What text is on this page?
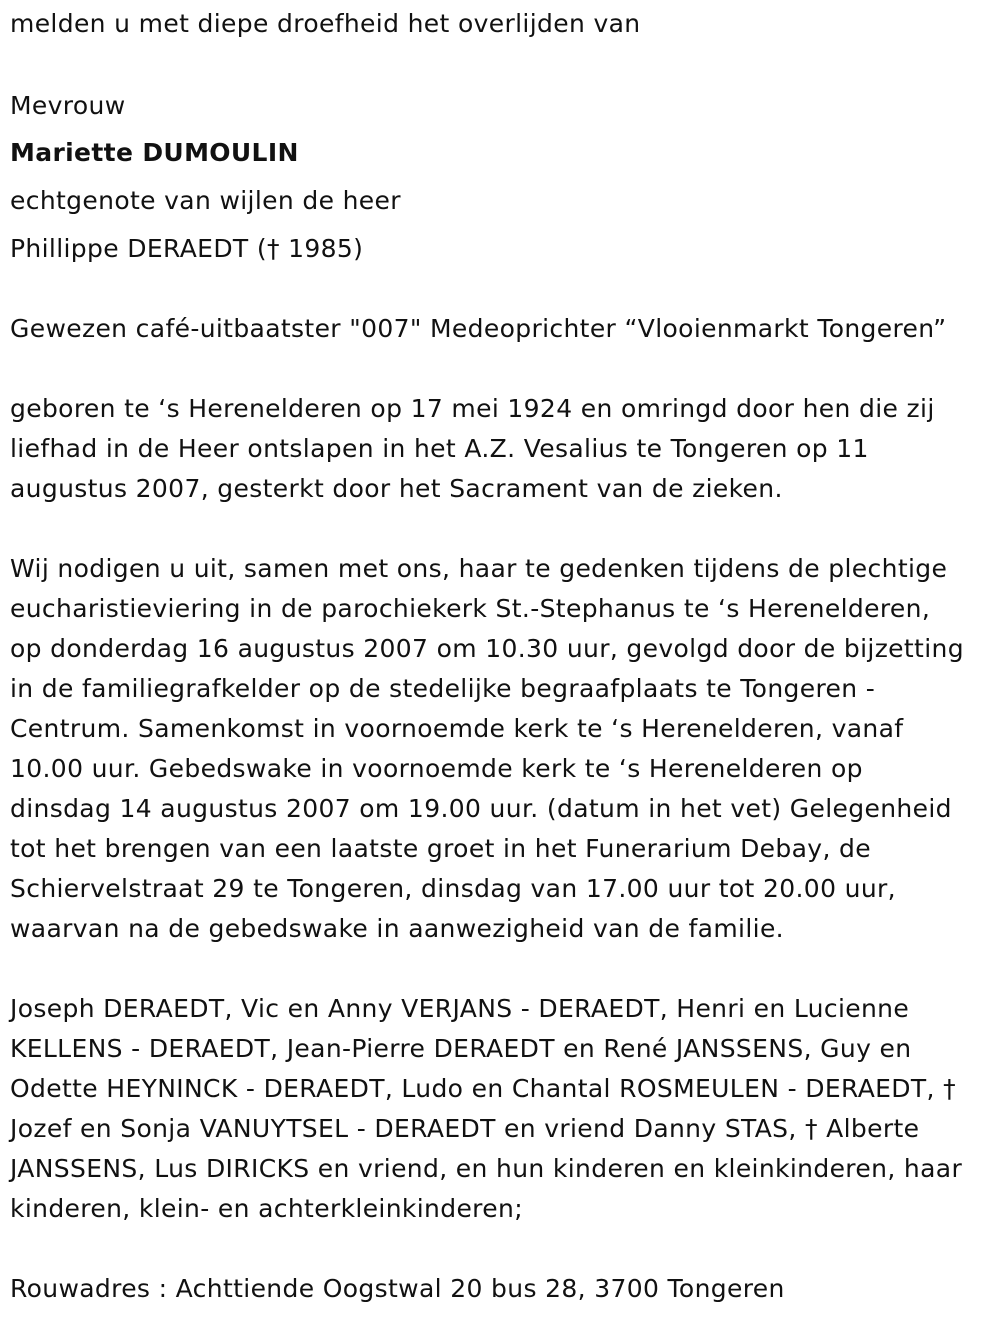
melden u met diepe droefheid het overlijden van
Mevrouw
Mariette DUMOULIN
echtgenote van wijlen de heer
Phillippe DERAEDT († 1985)
Gewezen café-uitbaatster "007" Medeoprichter “Vlooienmarkt Tongeren”
geboren te ‘s Herenelderen op 17 mei 1924 en omringd door hen die zij
liefhad in de Heer ontslapen in het A.Z. Vesalius te Tongeren op 11
augustus 2007, gesterkt door het Sacrament van de zieken.
Wij nodigen u uit, samen met ons, haar te gedenken tijdens de plechtige
eucharistieviering in de parochiekerk St.-Stephanus te ‘s Herenelderen,
op donderdag 16 augustus 2007 om 10.30 uur, gevolgd door de bijzetting
in de familiegrafkelder op de stedelijke begraafplaats te Tongeren -
Centrum. Samenkomst in voornoemde kerk te ‘s Herenelderen, vanaf
10.00 uur. Gebedswake in voornoemde kerk te ‘s Herenelderen op
dinsdag 14 augustus 2007 om 19.00 uur. (datum in het vet) Gelegenheid
tot het brengen van een laatste groet in het Funerarium Debay, de
Schiervelstraat 29 te Tongeren, dinsdag van 17.00 uur tot 20.00 uur,
waarvan na de gebedswake in aanwezigheid van de familie.
Joseph DERAEDT, Vic en Anny VERJANS - DERAEDT, Henri en Lucienne
KELLENS - DERAEDT, Jean-Pierre DERAEDT en René JANSSENS, Guy en
Odette HEYNINCK - DERAEDT, Ludo en Chantal ROSMEULEN - DERAEDT, †
Jozef en Sonja VANUYTSEL - DERAEDT en vriend Danny STAS, † Alberte
JANSSENS, Lus DIRICKS en vriend, en hun kinderen en kleinkinderen, haar
kinderen, klein- en achterkleinkinderen;
Rouwadres : Achttiende Oogstwal 20 bus 28, 3700 Tongeren
